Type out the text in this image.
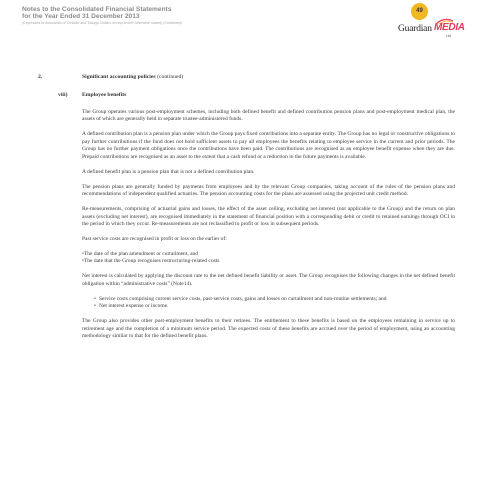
Notes to the Consolidated Financial Statements
for the Year Ended 31 December 2013
(Expressed in thousands of Trinidad and Tobago Dollars except where otherwise stated) (Continued)
49
Guardian MEDIA
Ltd
2.	Significant accounting policies (continued)
viii)	Employee benefits

The Group operates various post-employment schemes, including both defined benefit and defined contribution pension plans and post-employment medical plan, the assets of which are generally held in separate trustee-administered funds.

A defined contribution plan is a pension plan under which the Group pays fixed contributions into a separate entity. The Group has no legal or constructive obligations to pay further contributions if the fund does not hold sufficient assets to pay all employees the benefits relating to employee service in the current and prior periods. The Group has no further payment obligations once the contributions have been paid. The contributions are recognised as an employee benefit expense when they are due. Prepaid contributions are recognised as an asset to the extent that a cash refund or a reduction in the future payments is available.

A defined benefit plan is a pension plan that is not a defined contribution plan.

The pension plans are generally funded by payments from employees and by the relevant Group companies, taking account of the rules of the pension plans and recommendations of independent qualified actuaries. The pension accounting costs for the plans are assessed using the projected unit credit method.

Re-measurements, comprising of actuarial gains and losses, the effect of the asset ceiling, excluding net interest (not applicable to the Group) and the return on plan assets (excluding net interest), are recognised immediately in the statement of financial position with a corresponding debit or credit to retained earnings through OCI in the period in which they occur. Re-measurements are not reclassified to profit or loss in subsequent periods.

Past service costs are recognised in profit or loss on the earlier of:

•The date of the plan amendment or curtailment, and
•The date that the Group recognises restructuring-related costs

Net interest is calculated by applying the discount rate to the net defined benefit liability or asset. The Group recognises the following changes in the net defined benefit obligation within “administrative costs” (Note14).

• Service costs comprising current service costs, past-service costs, gains and losses on curtailment and non-routine settlements; and
• Net interest expense or income.

The Group also provides other post-employment benefits to their retirees. The entitlement to these benefits is based on the employees remaining in service up to retirement age and the completion of a minimum service period. The expected costs of these benefits are accrued over the period of employment, using an accounting methodology similar to that for the defined benefit plans.
